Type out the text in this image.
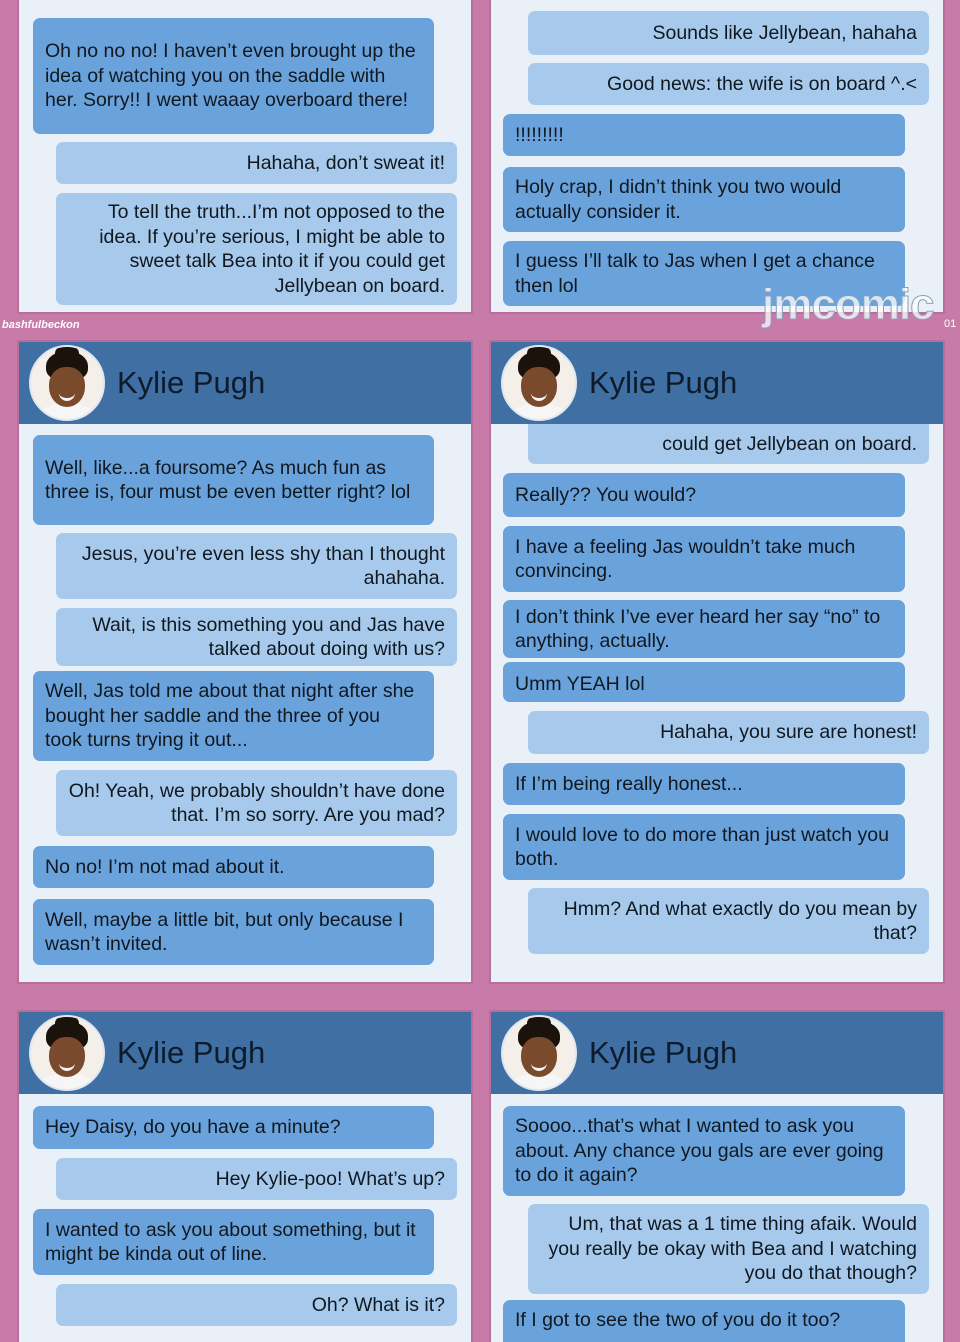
bashfulbeckon	jmcomic 01
Oh no no no! I haven’t even brought up the idea of watching you on the saddle with her. Sorry!! I went waaay overboard there!
Hahaha, don’t sweat it!
To tell the truth...I’m not opposed to the idea. If you’re serious, I might be able to sweet talk Bea into it if you could get Jellybean on board.
Sounds like Jellybean, hahaha
Good news: the wife is on board ^.<
!!!!!!!!!
Holy crap, I didn’t think you two would actually consider it.
I guess I’ll talk to Jas when I get a chance then lol
Kylie Pugh
Well, like...a foursome? As much fun as three is, four must be even better right? lol
Jesus, you’re even less shy than I thought ahahaha.
Wait, is this something you and Jas have talked about doing with us?
Well, Jas told me about that night after she bought her saddle and the three of you took turns trying it out...
Oh! Yeah, we probably shouldn’t have done that. I’m so sorry. Are you mad?
No no! I’m not mad about it.
Well, maybe a little bit, but only because I wasn’t invited.
Kylie Pugh
could get Jellybean on board.
Really?? You would?
I have a feeling Jas wouldn’t take much convincing.
I don’t think I’ve ever heard her say “no” to anything, actually.
Umm YEAH lol
Hahaha, you sure are honest!
If I’m being really honest...
I would love to do more than just watch you both.
Hmm? And what exactly do you mean by that?
Kylie Pugh
Hey Daisy, do you have a minute?
Hey Kylie-poo! What’s up?
I wanted to ask you about something, but it might be kinda out of line.
Oh? What is it?
Kylie Pugh
Soooo...that’s what I wanted to ask you about. Any chance you gals are ever going to do it again?
Um, that was a 1 time thing afaik. Would you really be okay with Bea and I watching you do that though?
If I got to see the two of you do it too?
